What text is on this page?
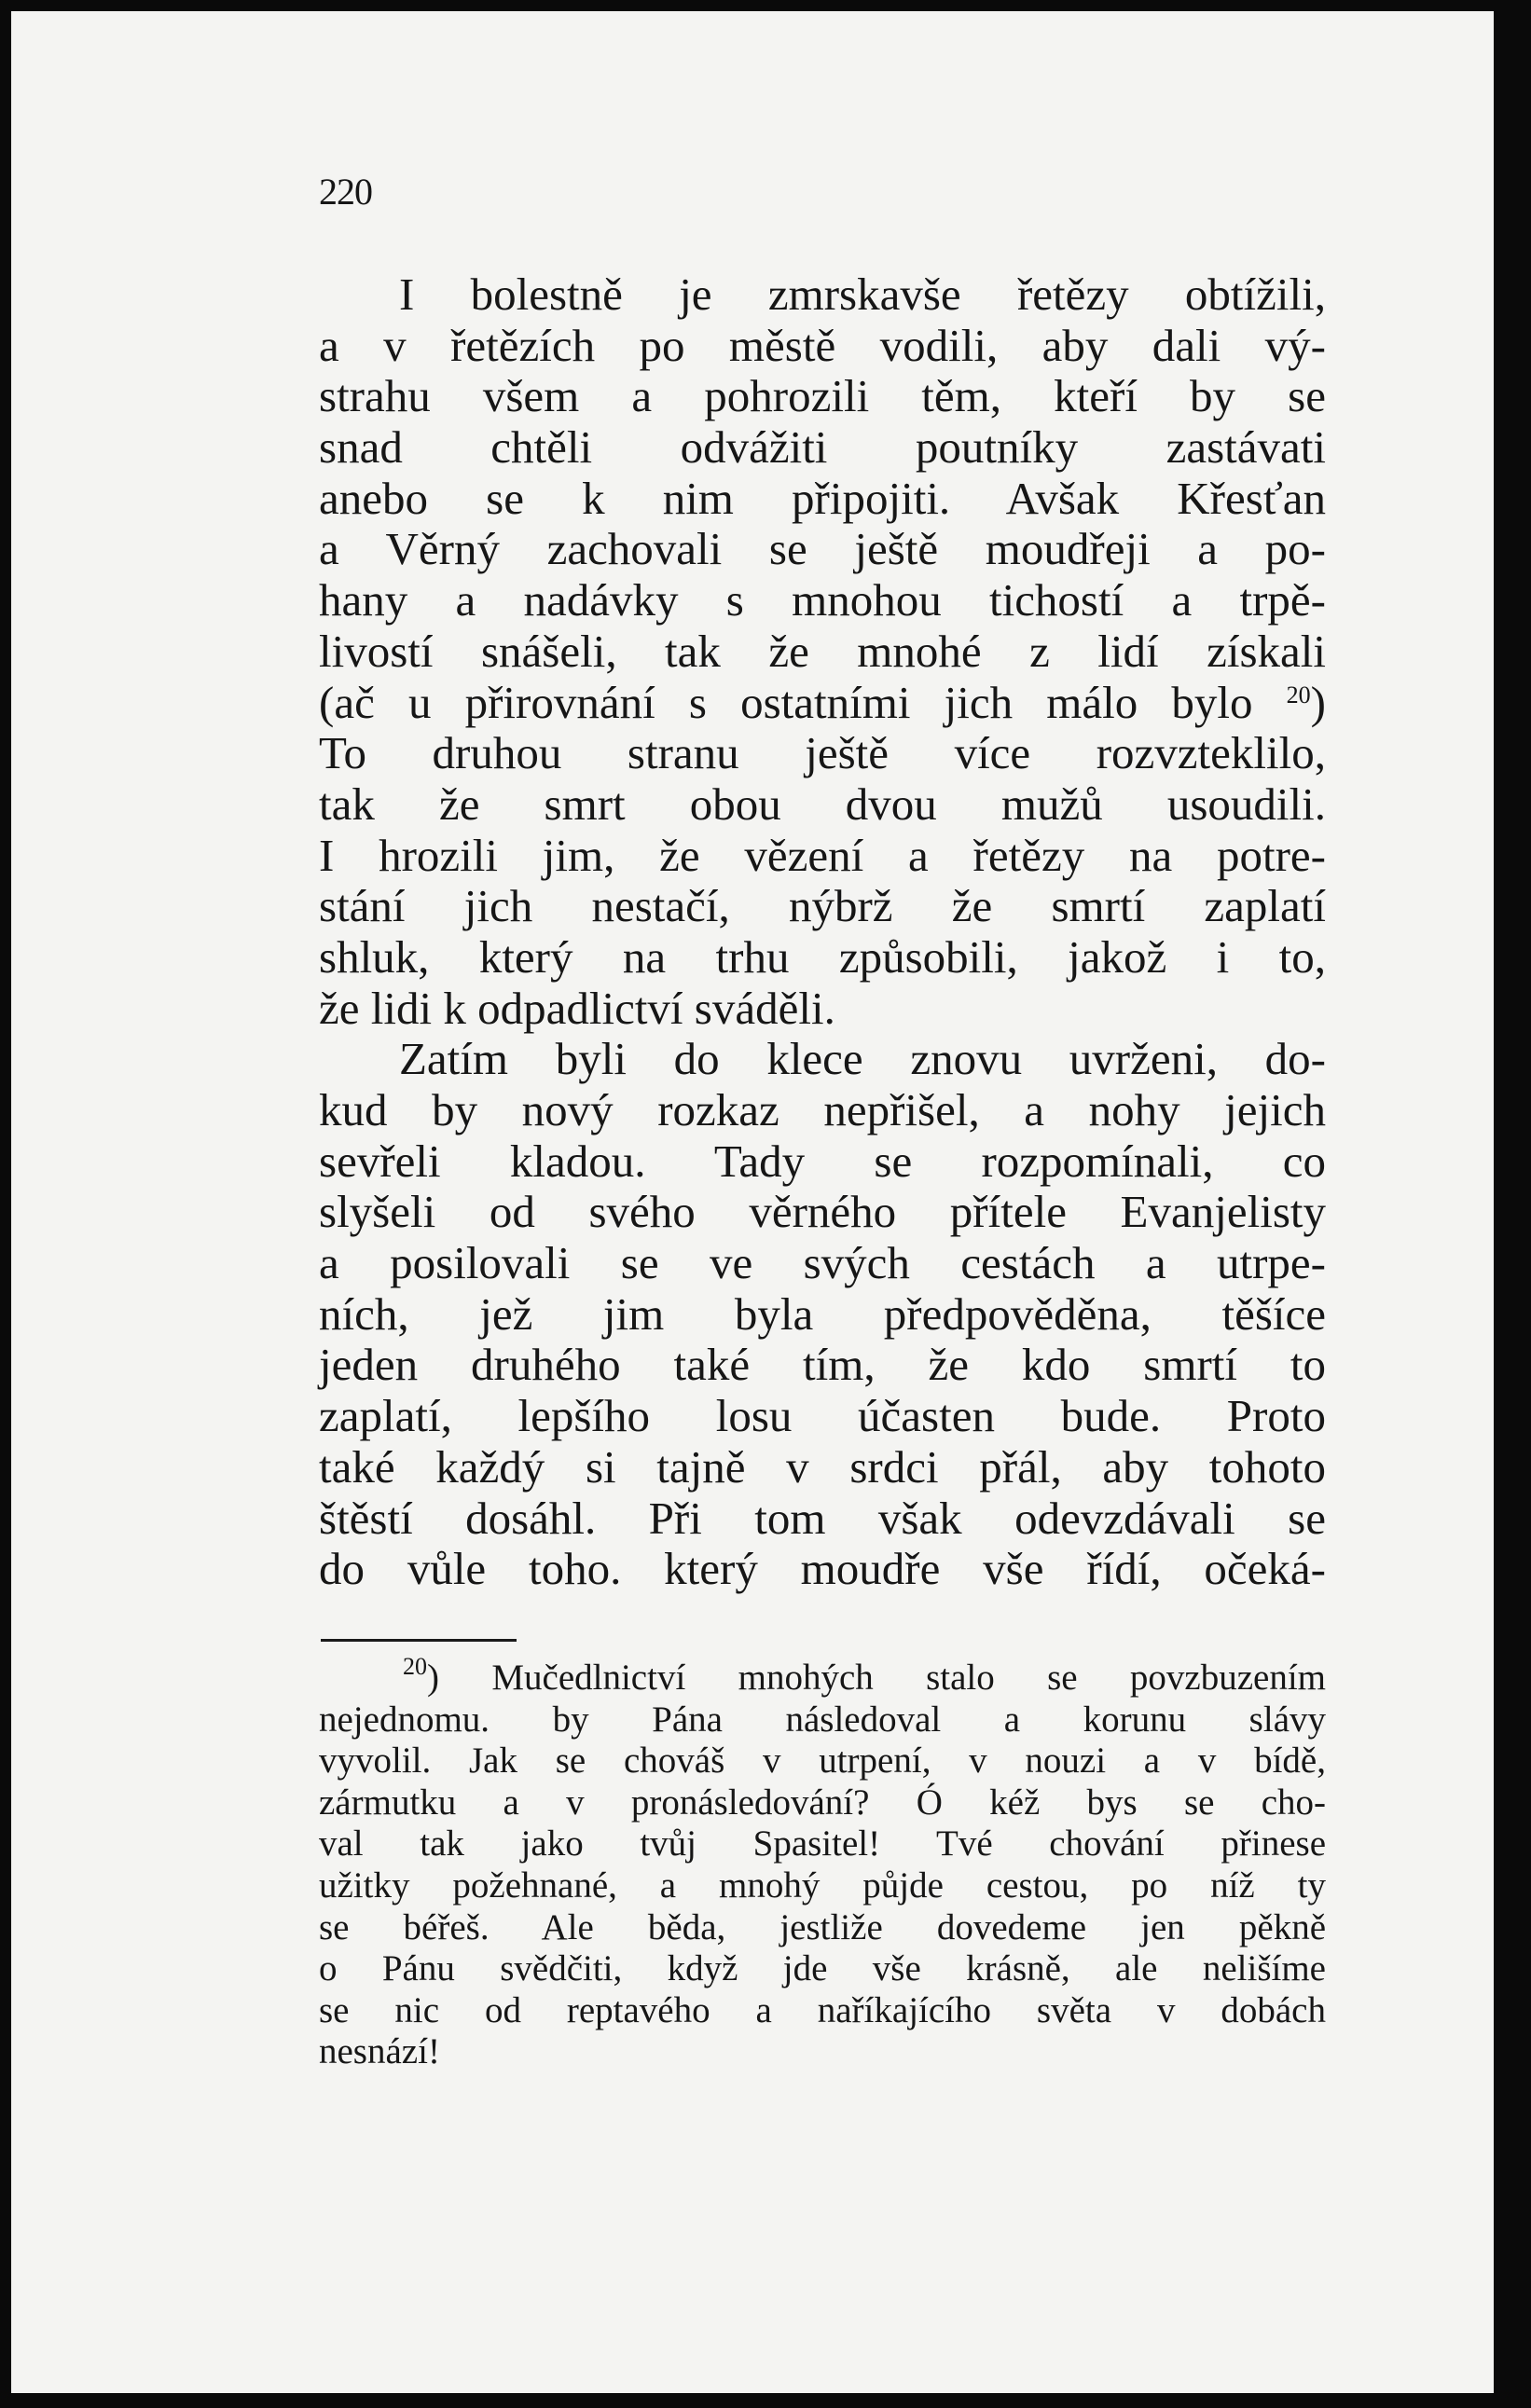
220
I bolestně je zmrskavše řetězy obtížili,
a v řetězích po městě vodili, aby dali vý-
strahu všem a pohrozili těm, kteří by se
snad chtěli odvážiti poutníky zastávati
anebo se k nim připojiti. Avšak Křesťan
a Věrný zachovali se ještě moudřeji a po-
hany a nadávky s mnohou tichostí a trpě-
livostí snášeli, tak že mnohé z lidí získali
(ač u přirovnání s ostatními jich málo bylo $^{20}$)
To druhou stranu ještě více rozvzteklilo,
tak že smrt obou dvou mužů usoudili.
I hrozili jim, že vězení a řetězy na potre-
stání jich nestačí, nýbrž že smrtí zaplatí
shluk, který na trhu způsobili, jakož i to,
že lidi k odpadlictví sváděli.
Zatím byli do klece znovu uvrženi, do-
kud by nový rozkaz nepřišel, a nohy jejich
sevřeli kladou. Tady se rozpomínali, co
slyšeli od svého věrného přítele Evanjelisty
a posilovali se ve svých cestách a utrpe-
ních, jež jim byla předpověděna, těšíce
jeden druhého také tím, že kdo smrtí to
zaplatí, lepšího losu účasten bude. Proto
také každý si tajně v srdci přál, aby tohoto
štěstí dosáhl. Při tom však odevzdávali se
do vůle toho. který moudře vše řídí, očeká-
$^{20}$) Mučedlnictví mnohých stalo se povzbuzením
nejednomu. by Pána následoval a korunu slávy
vyvolil. Jak se chováš v utrpení, v nouzi a v bídě,
zármutku a v pronásledování? Ó kéž bys se cho-
val tak jako tvůj Spasitel! Tvé chování přinese
užitky požehnané, a mnohý půjde cestou, po níž ty
se béřeš. Ale běda, jestliže dovedeme jen pěkně
o Pánu svědčiti, když jde vše krásně, ale nelišíme
se nic od reptavého a naříkajícího světa v dobách
nesnází!
